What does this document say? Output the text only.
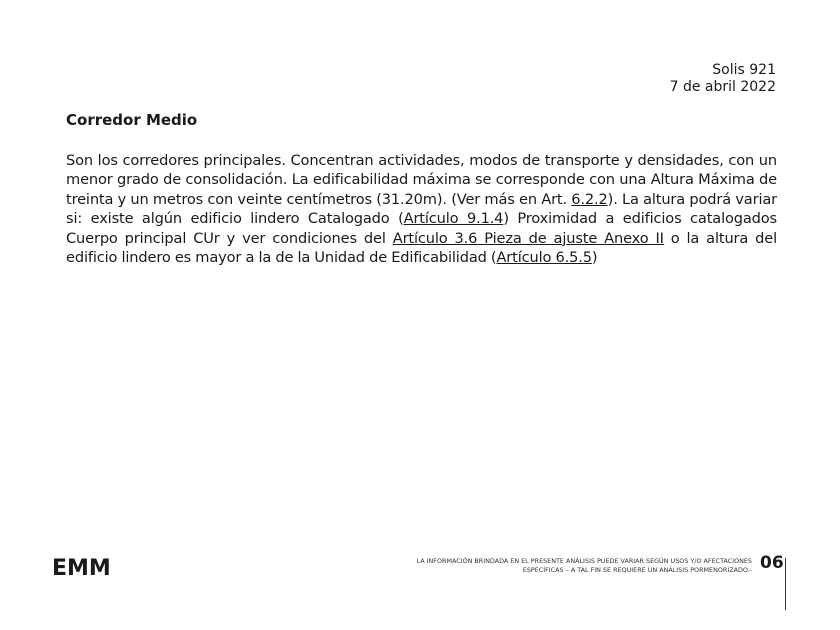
Solis 921
7 de abril 2022
Corredor Medio

Son los corredores principales. Concentran actividades, modos de transporte y densidades, con un menor grado de consolidación. La edificabilidad máxima se corresponde con una Altura Máxima de treinta y un metros con veinte centímetros (31.20m). (Ver más en Art. 6.2.2). La altura podrá variar si: existe algún edificio lindero Catalogado (Artículo 9.1.4) Proximidad a edificios catalogados Cuerpo principal CUr y ver condiciones del Artículo 3.6 Pieza de ajuste Anexo II o la altura del edificio lindero es mayor a la de la Unidad de Edificabilidad (Artículo 6.5.5)

EMM	LA INFORMACIÓN BRINDADA EN EL PRESENTE ANÁLISIS PUEDE VARIAR SEGÚN USOS Y/O AFECTACIONES
ESPECÍFICAS – A TAL FIN SE REQUIERE UN ANÁLISIS PORMENORIZADO.- 06
